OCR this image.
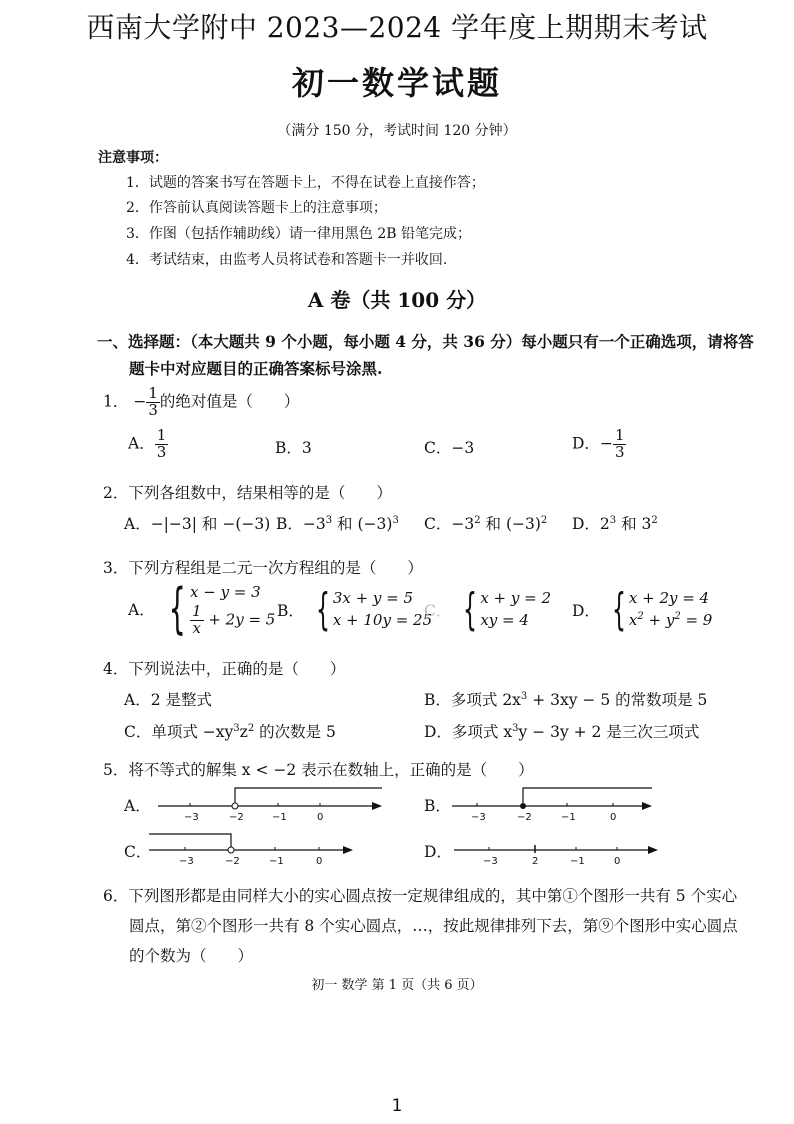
西南大学附中 2023—2024 学年度上期期末考试
初一数学试题
（满分 150 分，考试时间 120 分钟）
注意事项：
1．试题的答案书写在答题卡上，不得在试卷上直接作答；
2．作答前认真阅读答题卡上的注意事项；
3．作图（包括作辅助线）请一律用黑色 2B 铅笔完成；
4．考试结束，由监考人员将试卷和答题卡一并收回.
A 卷（共 100 分）
一、选择题：（本大题共 9 个小题，每小题 4 分，共 36 分）每小题只有一个正确选项，请将答
题卡中对应题目的正确答案标号涂黑.
1． − $\frac{1}{3}$ 的绝对值是（　　）
A． $\frac{1}{3}$	B．3	C．−3	D．− $\frac{1}{3}$
2．下列各组数中，结果相等的是（　　）
A．−|−3| 和 −(−3) B．$-3^3$ 和 $(-3)^3$ C．$-3^2$ 和 $(-3)^2$ D．$2^3$ 和 $3^2$
3．下列方程组是二元一次方程组的是（　　）
A． { x − y = 3
$\frac{1}{x} + 2y = 5$ B． { 3x + y = 5
x + 10y = 25
C． { x + y = 2
xy = 4	D． { x + 2y = 4
$x^2 + y^2 = 9$
4．下列说法中，正确的是（　　）
A．2 是整式	B．多项式 $2x^3 + 3xy - 5$ 的常数项是 5
C．单项式 $-xy^3z^2$ 的次数是 5	D．多项式 $x^3y - 3y + 2$ 是三次三项式
5．将不等式的解集 x < −2 表示在数轴上，正确的是（　　）
A．
−3	−2	−1	0
B．
−3	−2	−1	0
C．
−3	−2	−1	0
D．
−3	2	−1	0
6．下列图形都是由同样大小的实心圆点按一定规律组成的，其中第①个图形一共有 5 个实心
圆点，第②个图形一共有 8 个实心圆点，…，按此规律排列下去，第⑨个图形中实心圆点
的个数为（　　）
初一 数学 第 1 页（共 6 页）
1
